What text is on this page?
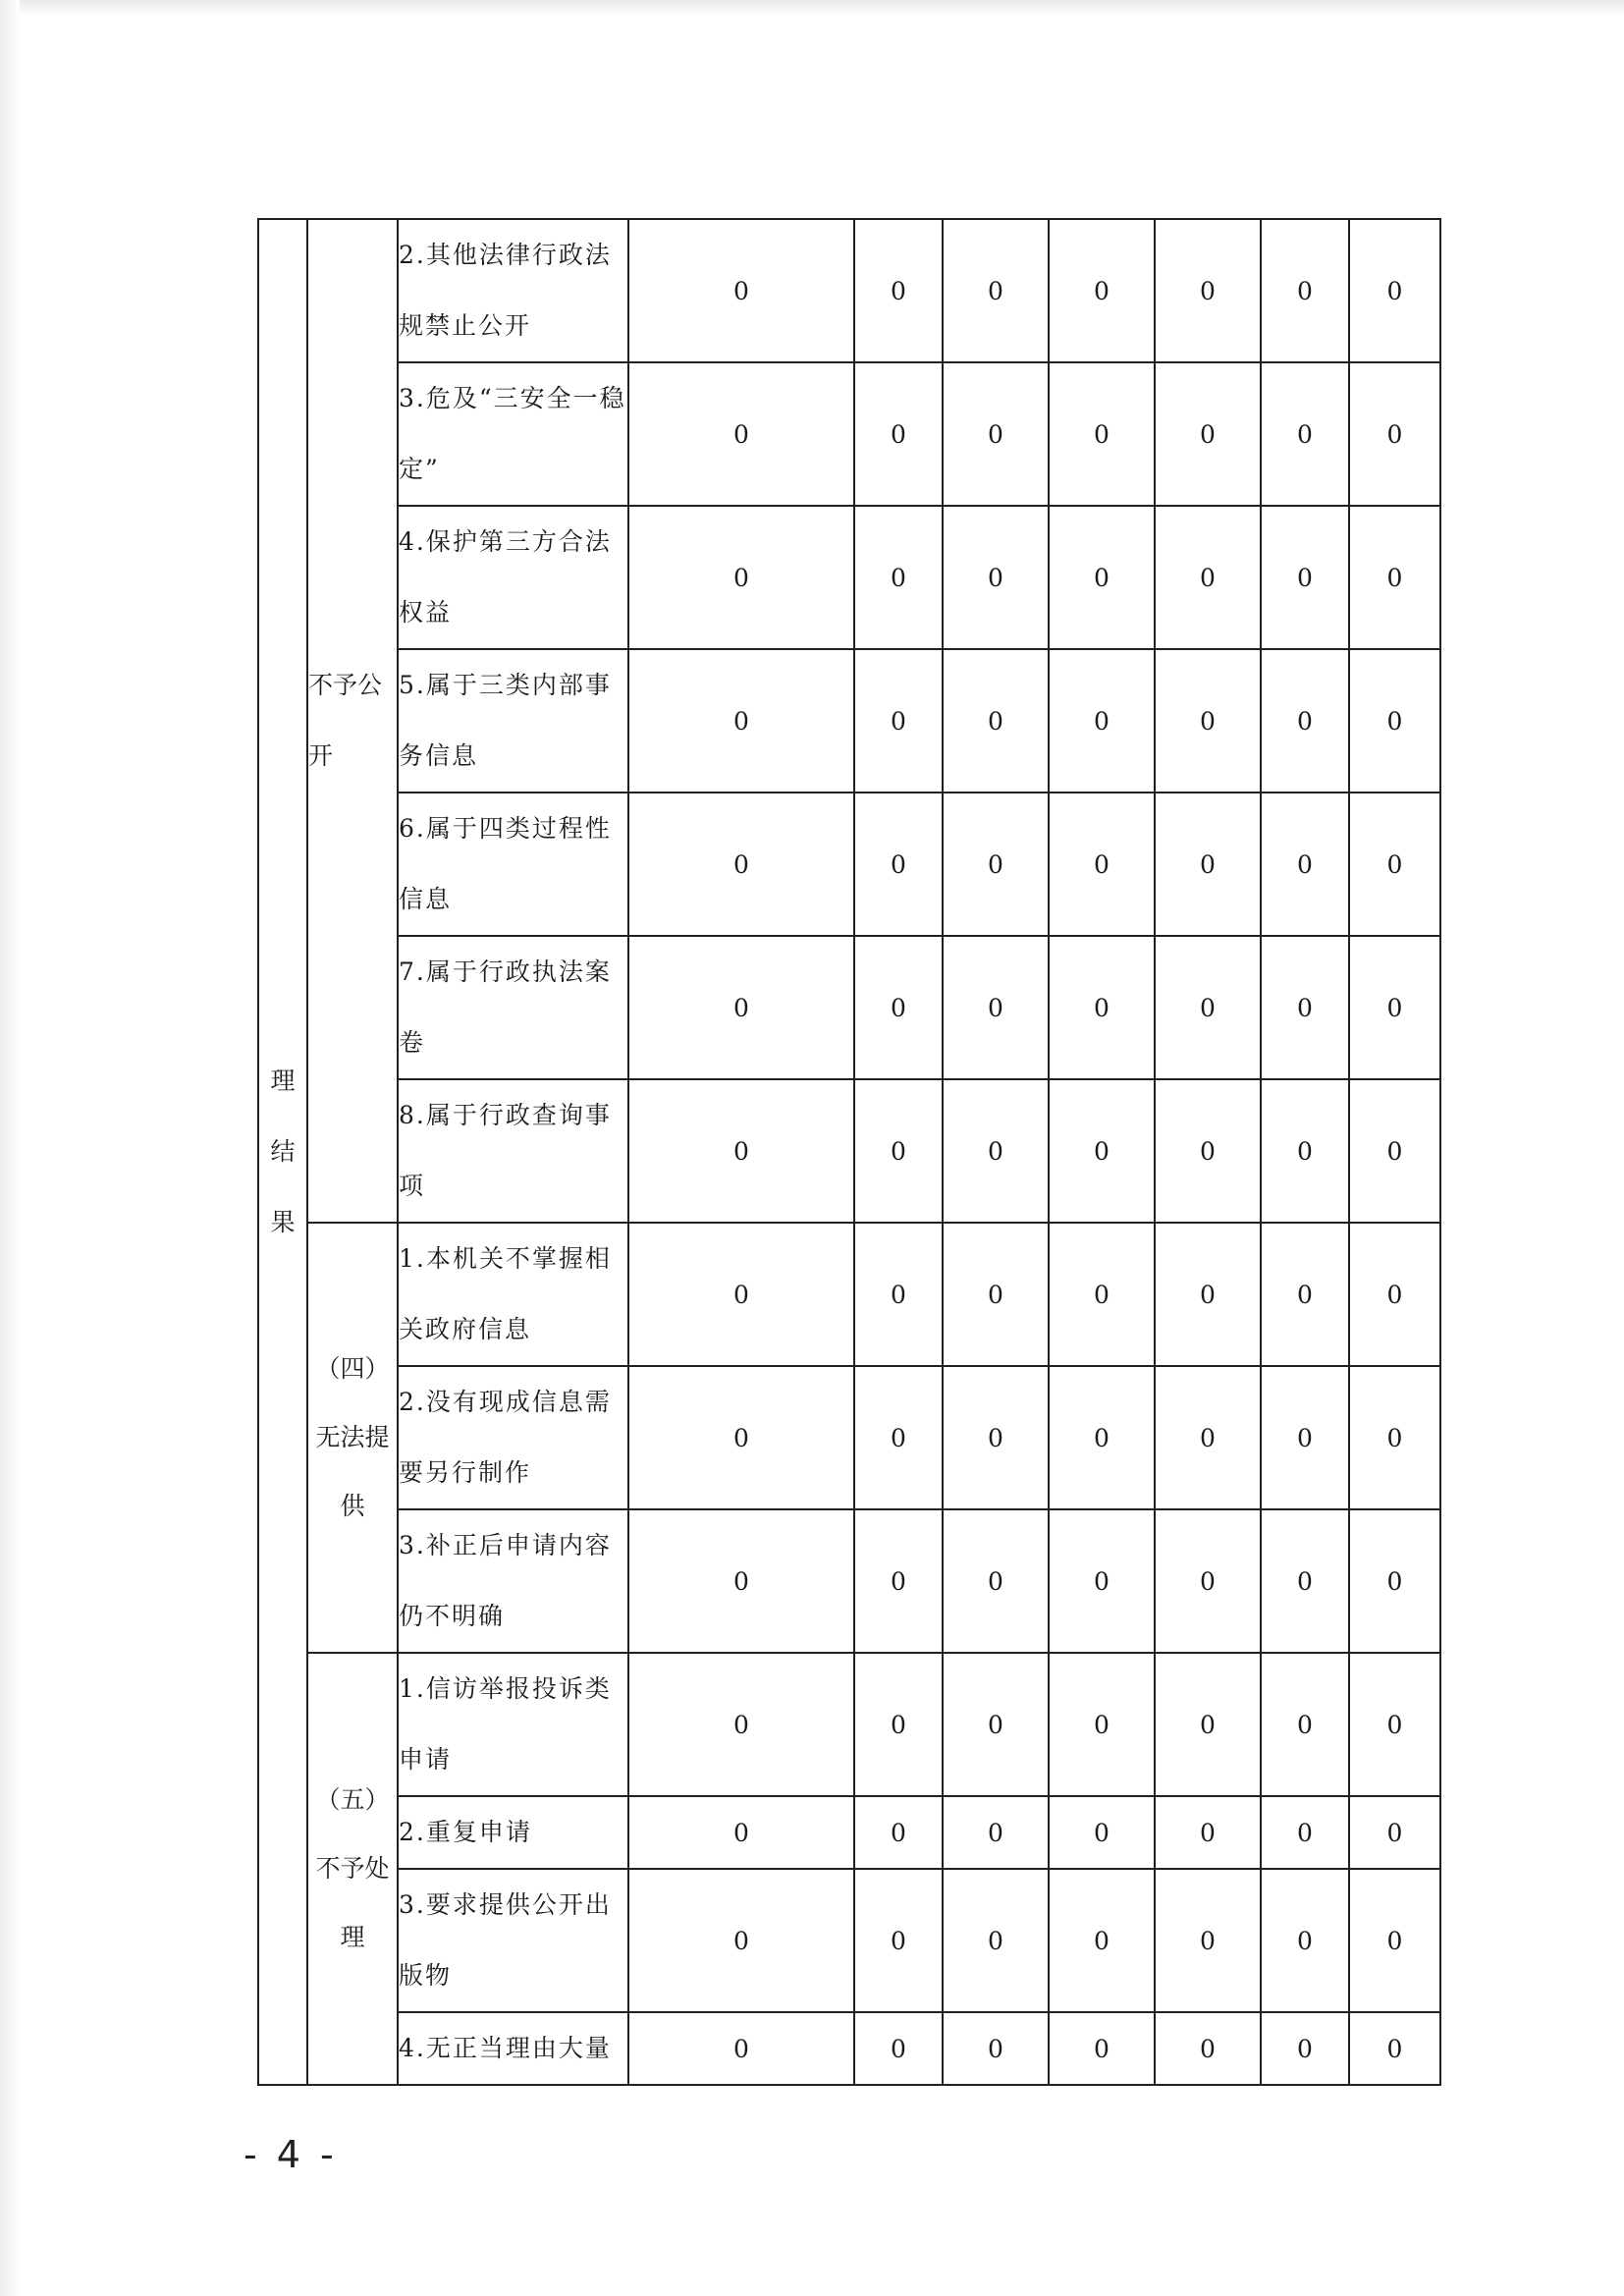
理结果	不予公开	2.其他法律行政法规禁止公开	0	0	0	0	0	0	0
		3.危及“三安全一稳定”	0	0	0	0	0	0	0
		4.保护第三方合法权益	0	0	0	0	0	0	0
		5.属于三类内部事务信息	0	0	0	0	0	0	0
		6.属于四类过程性信息	0	0	0	0	0	0	0
		7.属于行政执法案卷	0	0	0	0	0	0	0
		8.属于行政查询事项	0	0	0	0	0	0	0
	（四）无法提供	1.本机关不掌握相关政府信息	0	0	0	0	0	0	0
		2.没有现成信息需要另行制作	0	0	0	0	0	0	0
		3.补正后申请内容仍不明确	0	0	0	0	0	0	0
	（五）不予处理	1.信访举报投诉类申请	0	0	0	0	0	0	0
		2.重复申请	0	0	0	0	0	0	0
		3.要求提供公开出版物	0	0	0	0	0	0	0
		4.无正当理由大量	0	0	0	0	0	0	0
- 4 -
